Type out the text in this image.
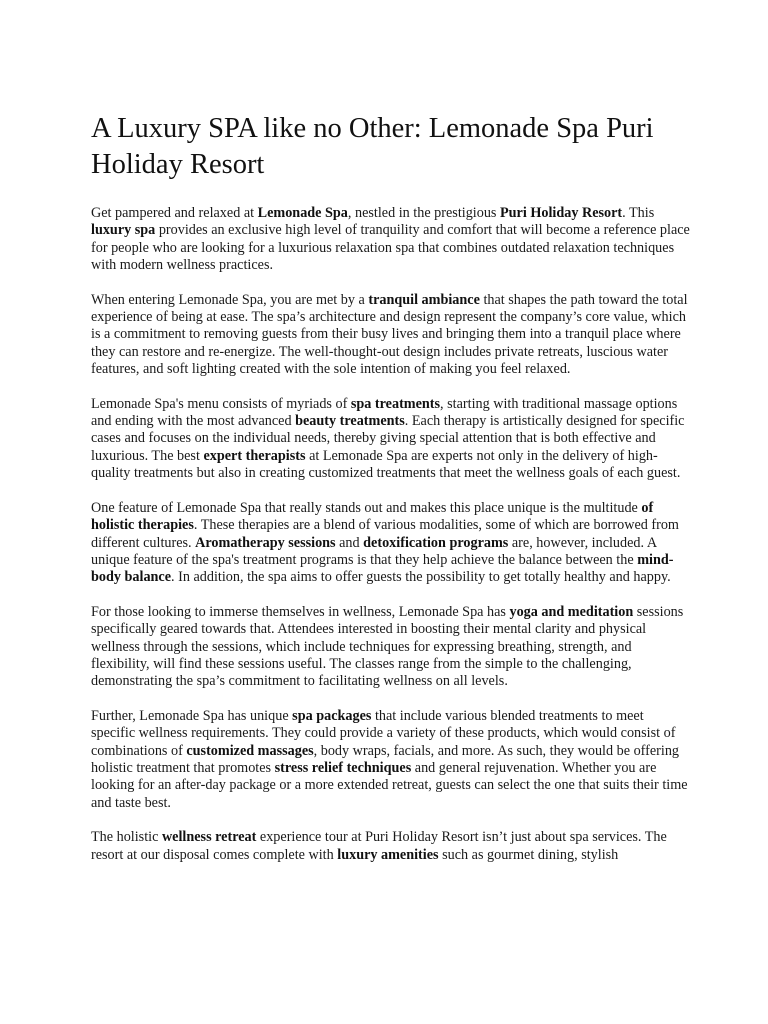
A Luxury SPA like no Other: Lemonade Spa Puri Holiday Resort

Get pampered and relaxed at Lemonade Spa, nestled in the prestigious Puri Holiday Resort. This luxury spa provides an exclusive high level of tranquility and comfort that will become a reference place for people who are looking for a luxurious relaxation spa that combines outdated relaxation techniques with modern wellness practices.

When entering Lemonade Spa, you are met by a tranquil ambiance that shapes the path toward the total experience of being at ease. The spa’s architecture and design represent the company’s core value, which is a commitment to removing guests from their busy lives and bringing them into a tranquil place where they can restore and re-energize. The well-thought-out design includes private retreats, luscious water features, and soft lighting created with the sole intention of making you feel relaxed.

Lemonade Spa's menu consists of myriads of spa treatments, starting with traditional massage options and ending with the most advanced beauty treatments. Each therapy is artistically designed for specific cases and focuses on the individual needs, thereby giving special attention that is both effective and luxurious. The best expert therapists at Lemonade Spa are experts not only in the delivery of high-quality treatments but also in creating customized treatments that meet the wellness goals of each guest.

One feature of Lemonade Spa that really stands out and makes this place unique is the multitude of holistic therapies. These therapies are a blend of various modalities, some of which are borrowed from different cultures. Aromatherapy sessions and detoxification programs are, however, included. A unique feature of the spa's treatment programs is that they help achieve the balance between the mind-body balance. In addition, the spa aims to offer guests the possibility to get totally healthy and happy.

For those looking to immerse themselves in wellness, Lemonade Spa has yoga and meditation sessions specifically geared towards that. Attendees interested in boosting their mental clarity and physical wellness through the sessions, which include techniques for expressing breathing, strength, and flexibility, will find these sessions useful. The classes range from the simple to the challenging, demonstrating the spa’s commitment to facilitating wellness on all levels.

Further, Lemonade Spa has unique spa packages that include various blended treatments to meet specific wellness requirements. They could provide a variety of these products, which would consist of combinations of customized massages, body wraps, facials, and more. As such, they would be offering holistic treatment that promotes stress relief techniques and general rejuvenation. Whether you are looking for an after-day package or a more extended retreat, guests can select the one that suits their time and taste best.

The holistic wellness retreat experience tour at Puri Holiday Resort isn’t just about spa services. The resort at our disposal comes complete with luxury amenities such as gourmet dining, stylish
